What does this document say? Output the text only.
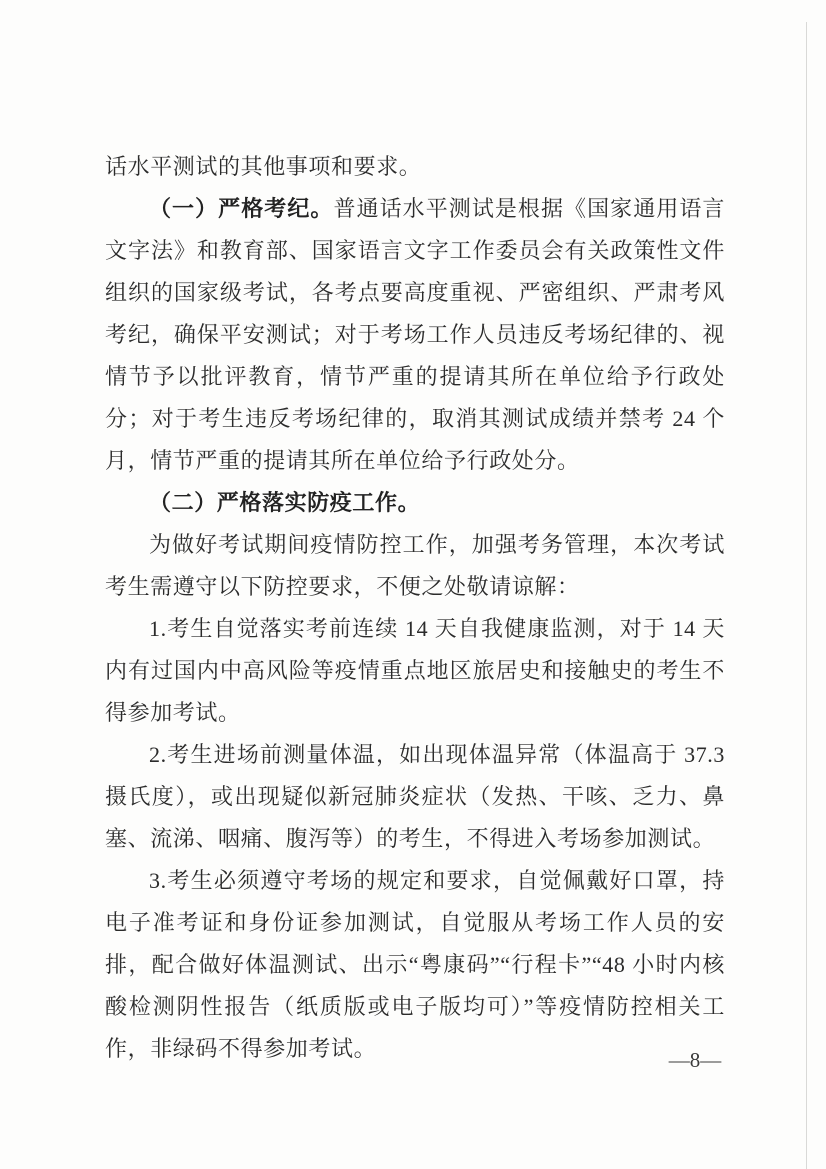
话水平测试的其他事项和要求。

（一）严格考纪。普通话水平测试是根据《国家通用语言文字法》和教育部、国家语言文字工作委员会有关政策性文件组织的国家级考试，各考点要高度重视、严密组织、严肃考风考纪，确保平安测试；对于考场工作人员违反考场纪律的、视情节予以批评教育，情节严重的提请其所在单位给予行政处分；对于考生违反考场纪律的，取消其测试成绩并禁考 24 个月，情节严重的提请其所在单位给予行政处分。

（二）严格落实防疫工作。

为做好考试期间疫情防控工作，加强考务管理，本次考试考生需遵守以下防控要求，不便之处敬请谅解：

1.考生自觉落实考前连续 14 天自我健康监测，对于 14 天内有过国内中高风险等疫情重点地区旅居史和接触史的考生不得参加考试。

2.考生进场前测量体温，如出现体温异常（体温高于 37.3 摄氏度），或出现疑似新冠肺炎症状（发热、干咳、乏力、鼻塞、流涕、咽痛、腹泻等）的考生，不得进入考场参加测试。

3.考生必须遵守考场的规定和要求，自觉佩戴好口罩，持电子准考证和身份证参加测试，自觉服从考场工作人员的安排，配合做好体温测试、出示“粤康码”“行程卡”“48 小时内核酸检测阴性报告（纸质版或电子版均可）”等疫情防控相关工作，非绿码不得参加考试。	—8—
